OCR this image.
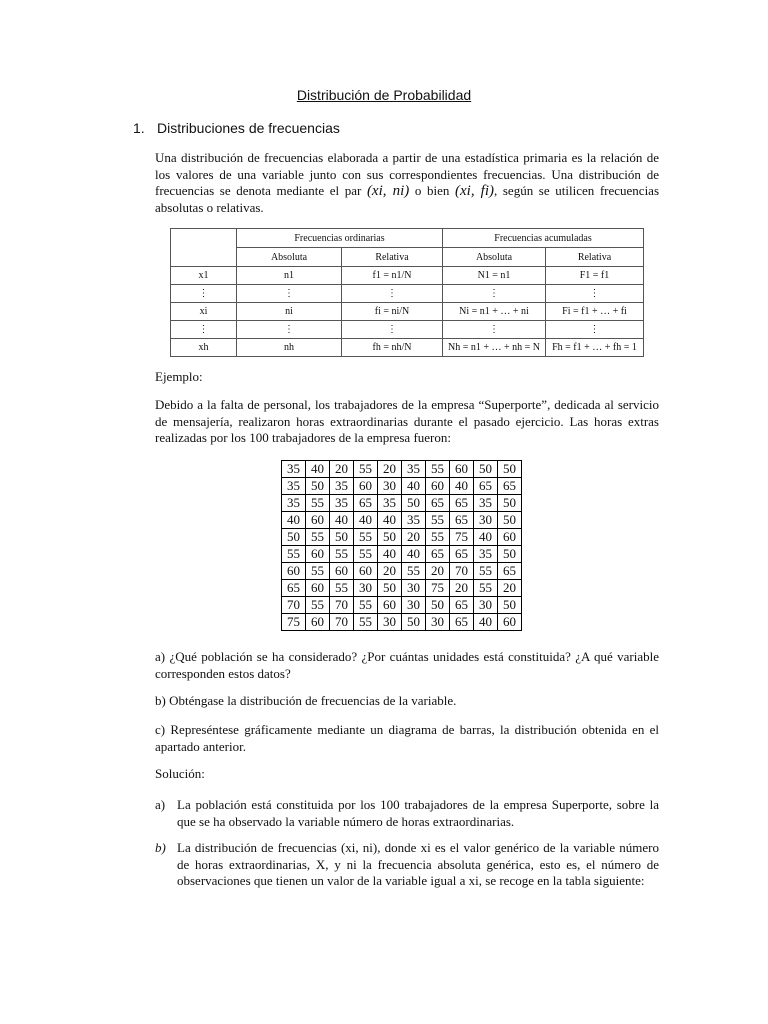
Distribución de Probabilidad
1. Distribuciones de frecuencias

Una distribución de frecuencias elaborada a partir de una estadística primaria es la relación de los valores de una variable junto con sus correspondientes frecuencias. Una distribución de frecuencias se denota mediante el par (xi, ni) o bien (xi, fi), según se utilicen frecuencias absolutas o relativas.

	Frecuencias ordinarias		Frecuencias acumuladas	
	Absoluta	Relativa	Absoluta	Relativa
x1	n1	f1 = n1/N	N1 = n1	F1 = f1
⋮	⋮	⋮	⋮	⋮
xi	ni	fi = ni/N	Ni = n1 + … + ni	Fi = f1 + … + fi
⋮	⋮	⋮	⋮	⋮
xh	nh	fh = nh/N	Nh = n1 + … + nh = N	Fh = f1 + … + fh = 1
Ejemplo:
Debido a la falta de personal, los trabajadores de la empresa “Superporte”, dedicada al servicio de mensajería, realizaron horas extraordinarias durante el pasado ejercicio. Las horas extras realizadas por los 100 trabajadores de la empresa fueron:
35	40	20	55	20	35	55	60	50	50
35	50	35	60	30	40	60	40	65	65
35	55	35	65	35	50	65	65	35	50
40	60	40	40	40	35	55	65	30	50
50	55	50	55	50	20	55	75	40	60
55	60	55	55	40	40	65	65	35	50
60	55	60	60	20	55	20	70	55	65
65	60	55	30	50	30	75	20	55	20
70	55	70	55	60	30	50	65	30	50
75	60	70	55	30	50	30	65	40	60
a) ¿Qué población se ha considerado? ¿Por cuántas unidades está constituida? ¿A qué variable corresponden estos datos?
b) Obténgase la distribución de frecuencias de la variable.
c) Represéntese gráficamente mediante un diagrama de barras, la distribución obtenida en el apartado anterior.
Solución:
a) La población está constituida por los 100 trabajadores de la empresa Superporte, sobre la que se ha observado la variable número de horas extraordinarias.
b) La distribución de frecuencias (xi, ni), donde xi es el valor genérico de la variable número de horas extraordinarias, X, y ni la frecuencia absoluta genérica, esto es, el número de observaciones que tienen un valor de la variable igual a xi, se recoge en la tabla siguiente:
